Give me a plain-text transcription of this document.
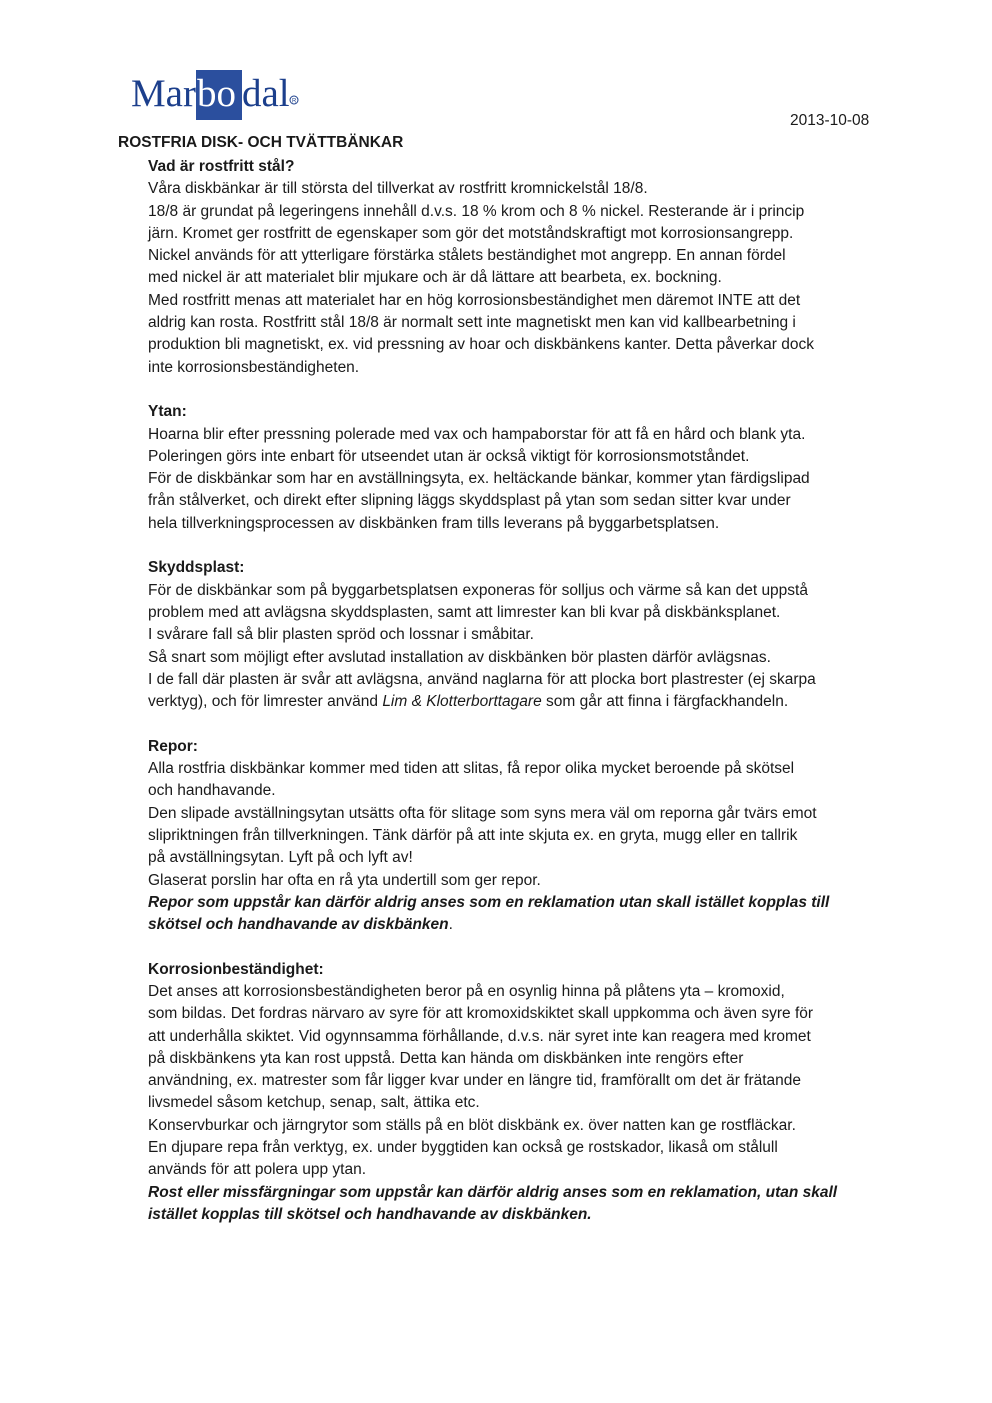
Mar bo dal R
2013-10-08
ROSTFRIA DISK- OCH TVÄTTBÄNKAR
Vad är rostfritt stål?
Våra diskbänkar är till största del tillverkat av rostfritt kromnickelstål 18/8.
18/8 är grundat på legeringens innehåll d.v.s. 18 % krom och 8 % nickel. Resterande är i princip
järn. Kromet ger rostfritt de egenskaper som gör det motståndskraftigt mot korrosionsangrepp.
Nickel används för att ytterligare förstärka stålets beständighet mot angrepp. En annan fördel
med nickel är att materialet blir mjukare och är då lättare att bearbeta, ex. bockning.
Med rostfritt menas att materialet har en hög korrosionsbeständighet men däremot INTE att det
aldrig kan rosta. Rostfritt stål 18/8 är normalt sett inte magnetiskt men kan vid kallbearbetning i
produktion bli magnetiskt, ex. vid pressning av hoar och diskbänkens kanter. Detta påverkar dock
inte korrosionsbeständigheten.
Ytan:
Hoarna blir efter pressning polerade med vax och hampaborstar för att få en hård och blank yta.
Poleringen görs inte enbart för utseendet utan är också viktigt för korrosionsmotståndet.
För de diskbänkar som har en avställningsyta, ex. heltäckande bänkar, kommer ytan färdigslipad
från stålverket, och direkt efter slipning läggs skyddsplast på ytan som sedan sitter kvar under
hela tillverkningsprocessen av diskbänken fram tills leverans på byggarbetsplatsen.
Skyddsplast:
För de diskbänkar som på byggarbetsplatsen exponeras för solljus och värme så kan det uppstå
problem med att avlägsna skyddsplasten, samt att limrester kan bli kvar på diskbänksplanet.
I svårare fall så blir plasten spröd och lossnar i småbitar.
Så snart som möjligt efter avslutad installation av diskbänken bör plasten därför avlägsnas.
I de fall där plasten är svår att avlägsna, använd naglarna för att plocka bort plastrester (ej skarpa
verktyg), och för limrester använd Lim & Klotterborttagare som går att finna i färgfackhandeln.
Repor:
Alla rostfria diskbänkar kommer med tiden att slitas, få repor olika mycket beroende på skötsel
och handhavande.
Den slipade avställningsytan utsätts ofta för slitage som syns mera väl om reporna går tvärs emot
slipriktningen från tillverkningen. Tänk därför på att inte skjuta ex. en gryta, mugg eller en tallrik
på avställningsytan. Lyft på och lyft av!
Glaserat porslin har ofta en rå yta undertill som ger repor.
Repor som uppstår kan därför aldrig anses som en reklamation utan skall istället kopplas till
skötsel och handhavande av diskbänken.
Korrosionbeständighet:
Det anses att korrosionsbeständigheten beror på en osynlig hinna på plåtens yta – kromoxid,
som bildas. Det fordras närvaro av syre för att kromoxidskiktet skall uppkomma och även syre för
att underhålla skiktet. Vid ogynnsamma förhållande, d.v.s. när syret inte kan reagera med kromet
på diskbänkens yta kan rost uppstå. Detta kan hända om diskbänken inte rengörs efter
användning, ex. matrester som får ligger kvar under en längre tid, framförallt om det är frätande
livsmedel såsom ketchup, senap, salt, ättika etc.
Konservburkar och järngrytor som ställs på en blöt diskbänk ex. över natten kan ge rostfläckar.
En djupare repa från verktyg, ex. under byggtiden kan också ge rostskador, likaså om stålull
används för att polera upp ytan.
Rost eller missfärgningar som uppstår kan därför aldrig anses som en reklamation, utan skall
istället kopplas till skötsel och handhavande av diskbänken.
